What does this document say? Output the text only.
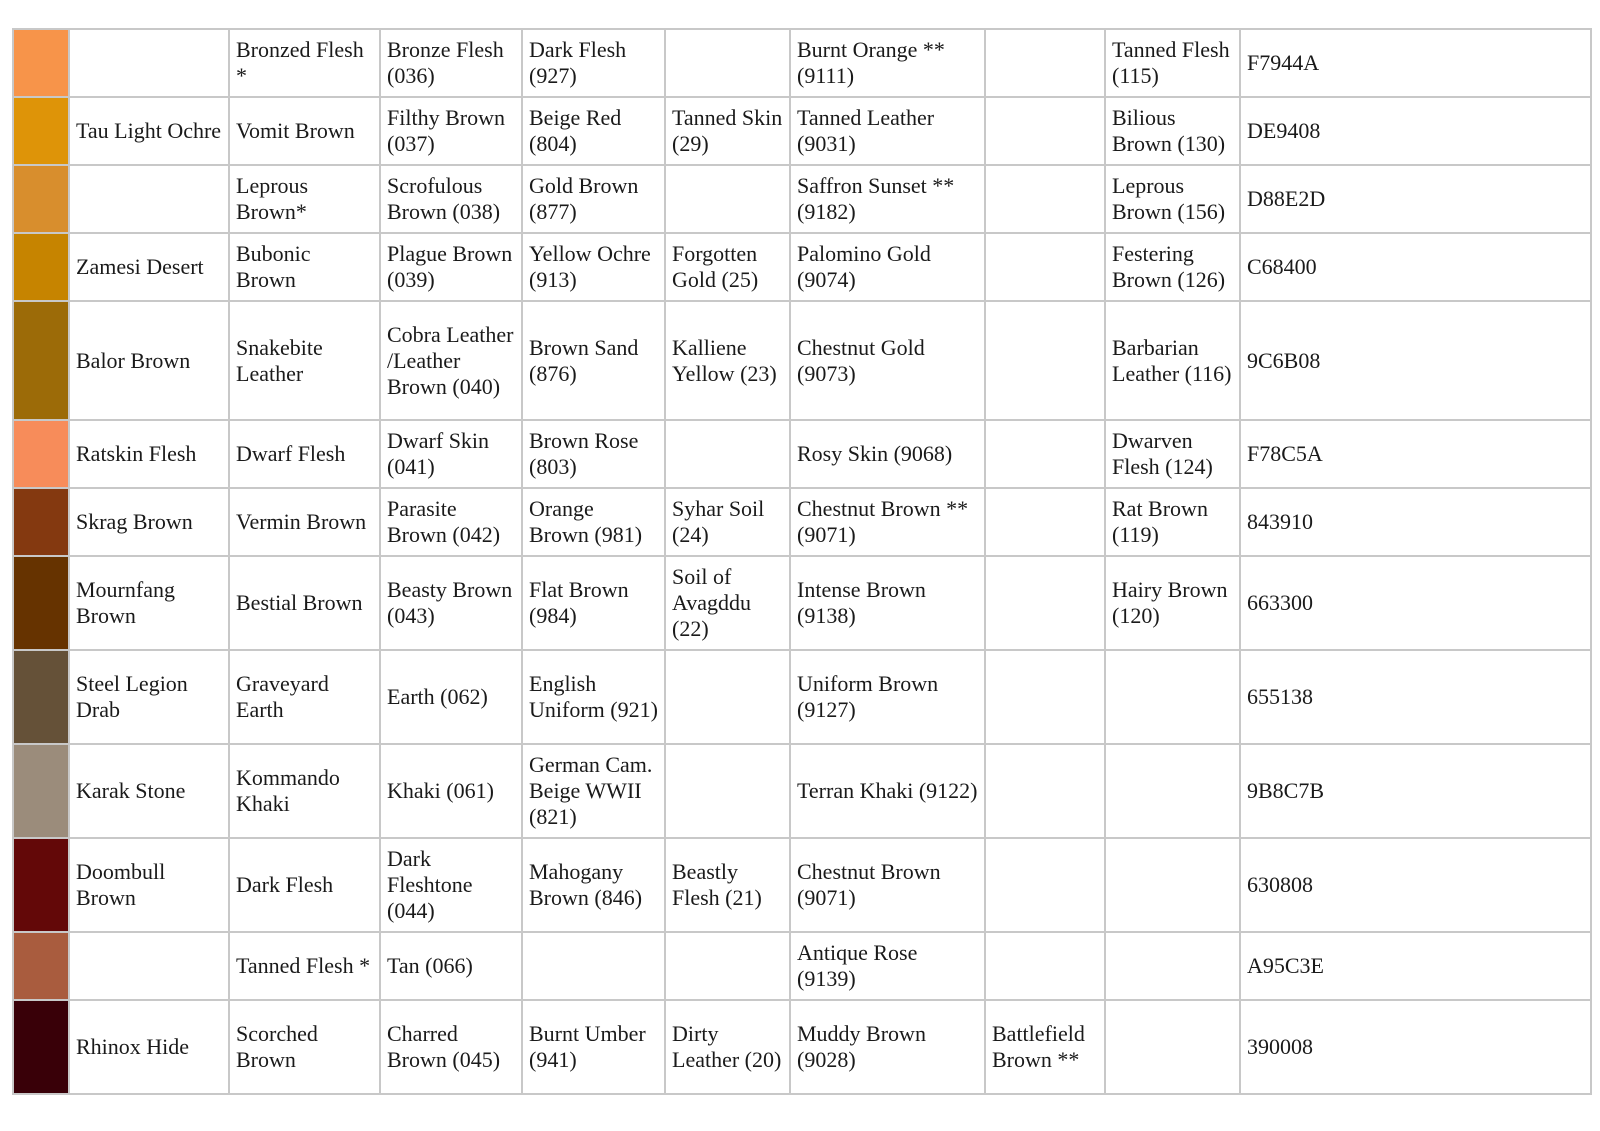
		Bronzed Flesh *	Bronze Flesh (036)	Dark Flesh (927)		Burnt Orange ** (9111)		Tanned Flesh (115)	F7944A

	Tau Light Ochre	Vomit Brown	Filthy Brown (037)	Beige Red (804)	Tanned Skin (29)	Tanned Leather (9031)		Bilious Brown (130)	DE9408

		Leprous Brown*	Scrofulous Brown (038)	Gold Brown (877)		Saffron Sunset ** (9182)		Leprous Brown (156)	D88E2D

	Zamesi Desert	Bubonic Brown	Plague Brown (039)	Yellow Ochre (913)	Forgotten Gold (25)	Palomino Gold (9074)		Festering Brown (126)	C68400

	Balor Brown	Snakebite Leather	Cobra Leather /Leather Brown (040)	Brown Sand (876)	Kalliene Yellow (23)	Chestnut Gold (9073)		Barbarian Leather (116)	9C6B08

	Ratskin Flesh	Dwarf Flesh	Dwarf Skin (041)	Brown Rose (803)		Rosy Skin (9068)		Dwarven Flesh (124)	F78C5A

	Skrag Brown	Vermin Brown	Parasite Brown (042)	Orange Brown (981)	Syhar Soil (24)	Chestnut Brown ** (9071)		Rat Brown (119)	843910

	Mournfang Brown	Bestial Brown	Beasty Brown (043)	Flat Brown (984)	Soil of Avagddu (22)	Intense Brown (9138)		Hairy Brown (120)	663300

	Steel Legion Drab	Graveyard Earth	Earth (062)	English Uniform (921)		Uniform Brown (9127)			655138

	Karak Stone	Kommando Khaki	Khaki (061)	German Cam. Beige WWII (821)		Terran Khaki (9122)			9B8C7B

	Doombull Brown	Dark Flesh	Dark Fleshtone (044)	Mahogany Brown (846)	Beastly Flesh (21)	Chestnut Brown (9071)			630808

		Tanned Flesh *	Tan (066)			Antique Rose (9139)			A95C3E

	Rhinox Hide	Scorched Brown	Charred Brown (045)	Burnt Umber (941)	Dirty Leather (20)	Muddy Brown (9028)	Battlefield Brown **		390008
